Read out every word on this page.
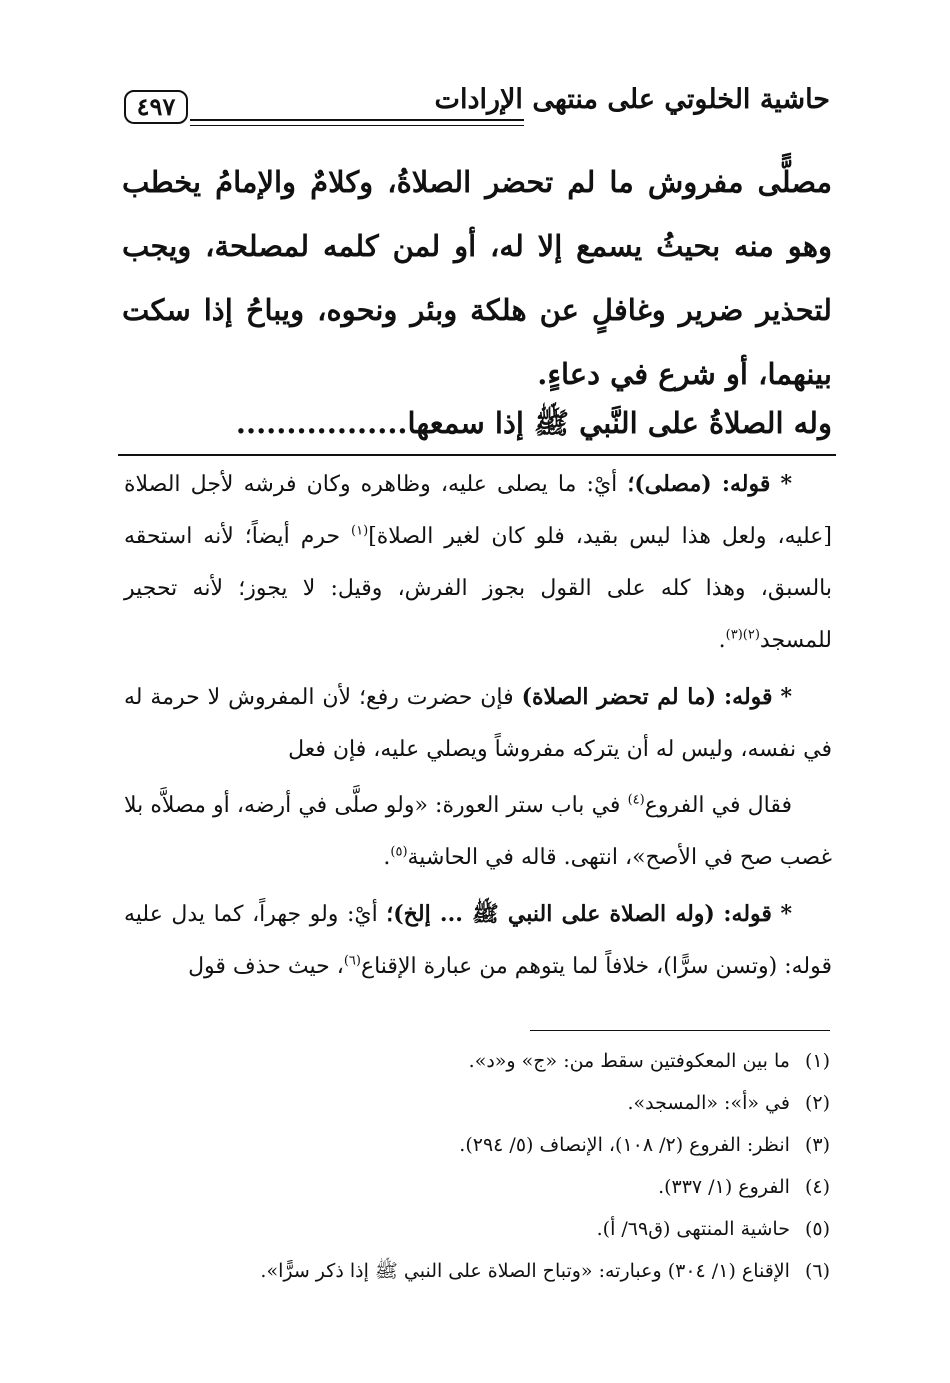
حاشية الخلوتي على منتهى الإرادات
٤٩٧
مصلًّى مفروش ما لم تحضر الصلاةُ، وكلامٌ والإمامُ يخطب وهو منه بحيثُ يسمع إلا له، أو لمن كلمه لمصلحة، ويجب لتحذير ضرير وغافلٍ عن هلكة وبئر ونحوه، ويباحُ إذا سكت بينهما، أو شرع في دعاءٍ.
وله الصلاةُ على النَّبي ﷺ إذا سمعها.................

* قوله: (مصلى)؛ أيْ: ما يصلى عليه، وظاهره وكان فرشه لأجل الصلاة [عليه، ولعل هذا ليس بقيد، فلو كان لغير الصلاة]$^{(١)}$ حرم أيضاً؛ لأنه استحقه بالسبق، وهذا كله على القول بجوز الفرش، وقيل: لا يجوز؛ لأنه تحجير للمسجد$^{(٢)(٣)}$.

* قوله: (ما لم تحضر الصلاة) فإن حضرت رفع؛ لأن المفروش لا حرمة له في نفسه، وليس له أن يتركه مفروشاً ويصلي عليه، فإن فعل

فقال في الفروع$^{(٤)}$ في باب ستر العورة: «ولو صلَّى في أرضه، أو مصلاَّه بلا غصب صح في الأصح»، انتهى. قاله في الحاشية$^{(٥)}$.

* قوله: (وله الصلاة على النبي ﷺ ... إلخ)؛ أيْ: ولو جهراً، كما يدل عليه قوله: (وتسن سرًّا)، خلافاً لما يتوهم من عبارة الإقناع$^{(٦)}$، حيث حذف قول

(١) ما بين المعكوفتين سقط من: «ج» و«د».
(٢) في «أ»: «المسجد».
(٣) انظر: الفروع (٢/ ١٠٨)، الإنصاف (٥/ ٢٩٤).
(٤) الفروع (١/ ٣٣٧).
(٥) حاشية المنتهى (ق٦٩/ أ).
(٦) الإقناع (١/ ٣٠٤) وعبارته: «وتباح الصلاة على النبي ﷺ إذا ذكر سرًّا».
